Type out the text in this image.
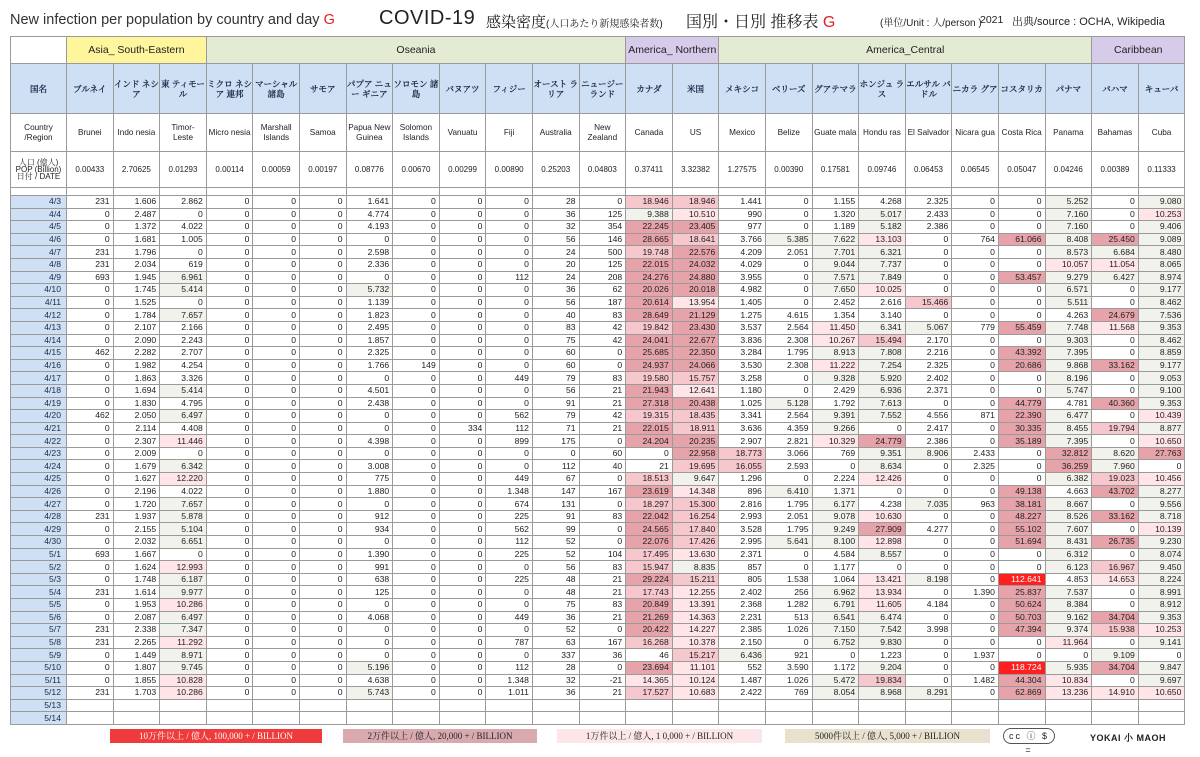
New infection per population by country and day G COVID-19 感染密度(人口あたり新規感染者数) 国別・日別 推移表 G	(単位/Unit : 人/person )
2021 出典/source : OCHA, Wikipedia
	Asia_ South-Eastern			Oseania									America_ Northern		America_Central								Caribbean	
国名	ブルネイ	インド ネシア	東 ティモール	ミクロ ネシア 連邦	マーシャル 諸島	サモア	パプア ニュー ギニア	ソロモン 諸島	バヌアツ	フィジー	オースト ラリア	ニュージー ランド	カナダ	米国	メキシコ	ベリーズ	グアテマラ	ホンジュ ラス	エルサル バドル	ニカラ グア	コスタリカ	パナマ	バハマ	キューバ
Country /Region	Brunei	Indo nesia	Timor- Leste	Micro nesia	Marshall Islands	Samoa	Papua New Guinea	Solomon Islands	Vanuatu	Fiji	Australia	New Zealand	Canada	US	Mexico	Belize	Guate mala	Hondu ras	El Salvador	Nicara gua	Costa Rica	Panama	Bahamas	Cuba
人口 (億人) POP (Billion) 日付 / DATE	0.00433	2.70625	0.01293	0.00114	0.00059	0.00197	0.08776	0.00670	0.00299	0.00890	0.25203	0.04803	0.37411	3.32382	1.27575	0.00390	0.17581	0.09746	0.06453	0.06545	0.05047	0.04246	0.00389	0.11333

4/3	231	1.606	2.862	0	0	0	1.641	0	0	0	28	0	18.946	18.946	1.441	0	1.155	4.268	2.325	0	0	5.252	0	9.080
4/4	0	2.487	0	0	0	0	4.774	0	0	0	36	125	9.388	10.510	990	0	1.320	5.017	2.433	0	0	7.160	0	10.253
4/5	0	1.372	4.022	0	0	0	4.193	0	0	0	32	354	22.245	23.405	977	0	1.189	5.182	2.386	0	0	7.160	0	9.406
4/6	0	1.681	1.005	0	0	0	0	0	0	0	56	146	28.665	18.641	3.766	5.385	7.622	13.103	0	764	61.066	8.408	25.450	9.089
4/7	231	1.796	0	0	0	0	2.598	0	0	0	24	500	19.748	22.576	4.209	2.051	7.701	6.321	0	0	0	8.573	6.684	8.480
4/8	231	2.034	619	0	0	0	2.336	0	0	0	20	125	22.015	24.032	4.029	0	9.044	7.737	0	0	0	10.057	11.054	8.065
4/9	693	1.945	6.961	0	0	0	0	0	0	112	24	208	24.276	24.880	3.955	0	7.571	7.849	0	0	53.457	9.279	6.427	8.974
4/10	0	1.745	5.414	0	0	0	5.732	0	0	0	36	62	20.026	20.018	4.982	0	7.650	10.025	0	0	0	6.571	0	9.177
4/11	0	1.525	0	0	0	0	1.139	0	0	0	56	187	20.614	13.954	1.405	0	2.452	2.616	15.466	0	0	5.511	0	8.462
4/12	0	1.784	7.657	0	0	0	1.823	0	0	0	40	83	28.649	21.129	1.275	4.615	1.354	3.140	0	0	0	4.263	24.679	7.536
4/13	0	2.107	2.166	0	0	0	2.495	0	0	0	83	42	19.842	23.430	3.537	2.564	11.450	6.341	5.067	779	55.459	7.748	11.568	9.353
4/14	0	2.090	2.243	0	0	0	1.857	0	0	0	75	42	24.041	22.677	3.836	2.308	10.267	15.494	2.170	0	0	9.303	0	8.462
4/15	462	2.282	2.707	0	0	0	2.325	0	0	0	60	0	25.685	22.350	3.284	1.795	8.913	7.808	2.216	0	43.392	7.395	0	8.859
4/16	0	1.982	4.254	0	0	0	1.766	149	0	0	60	0	24.937	24.066	3.530	2.308	11.222	7.254	2.325	0	20.686	9.868	33.162	9.177
4/17	0	1.863	3.326	0	0	0	0	0	0	449	79	83	19.580	15.757	3.258	0	9.328	5.920	2.402	0	0	8.196	0	9.053
4/18	0	1.694	5.414	0	0	0	4.501	0	0	0	56	21	21.943	12.641	1.180	0	2.429	6.936	2.371	0	0	5.747	0	9.100
4/19	0	1.830	4.795	0	0	0	2.438	0	0	0	91	21	27.318	20.438	1.025	5.128	1.792	7.613	0	0	44.779	4.781	40.360	9.353
4/20	462	2.050	6.497	0	0	0	0	0	0	562	79	42	19.315	18.435	3.341	2.564	9.391	7.552	4.556	871	22.390	6.477	0	10.439
4/21	0	2.114	4.408	0	0	0	0	0	334	112	71	21	22.015	18.911	3.636	4.359	9.266	0	2.417	0	30.335	8.455	19.794	8.877
4/22	0	2.307	11.446	0	0	0	4.398	0	0	899	175	0	24.204	20.235	2.907	2.821	10.329	24.779	2.386	0	35.189	7.395	0	10.650
4/23	0	2.009	0	0	0	0	0	0	0	0	0	60	0	22.958	18.773	3.066	769	9.351	8.906	2.433	0	32.812	8.620	27.763
4/24	0	1.679	6.342	0	0	0	3.008	0	0	0	112	40	21	19.695	16.055	2.593	0	8.634	0	2.325	0	36.259	7.960	0
4/25	0	1.627	12.220	0	0	0	775	0	0	449	67	0	18.513	9.647	1.296	0	2.224	12.426	0	0	0	6.382	19.023	10.456
4/26	0	2.196	4.022	0	0	0	1.880	0	0	1.348	147	167	23.619	14.348	896	6.410	1.371	0	0	0	49.138	4.663	43.702	8.277
4/27	0	1.720	7.657	0	0	0	0	0	0	674	131	0	18.297	15.300	2.816	1.795	6.177	4.238	7.035	963	38.181	8.667	0	9.556
4/28	231	1.937	5.878	0	0	0	912	0	0	225	91	83	22.042	16.254	2.993	2.051	9.078	10.630	0	0	48.227	8.526	33.162	8.718
4/29	0	2.155	5.104	0	0	0	934	0	0	562	99	0	24.565	17.840	3.528	1.795	9.249	27.909	4.277	0	55.102	7.607	0	10.139
4/30	0	2.032	6.651	0	0	0	0	0	0	112	52	0	22.076	17.426	2.995	5.641	8.100	12.898	0	0	51.694	8.431	26.735	9.230
5/1	693	1.667	0	0	0	0	1.390	0	0	225	52	104	17.495	13.630	2.371	0	4.584	8.557	0	0	0	6.312	0	8.074
5/2	0	1.624	12.993	0	0	0	991	0	0	0	56	83	15.947	8.835	857	0	1.177	0	0	0	0	6.123	16.967	9.450
5/3	0	1.748	6.187	0	0	0	638	0	0	225	48	21	29.224	15.211	805	1.538	1.064	13.421	8.198	0	112.641	4.853	14.653	8.224
5/4	231	1.614	9.977	0	0	0	125	0	0	0	48	21	17.743	12.255	2.402	256	6.962	13.934	0	1.390	25.837	7.537	0	8.991
5/5	0	1.953	10.286	0	0	0	0	0	0	0	75	83	20.849	13.391	2.368	1.282	6.791	11.605	4.184	0	50.624	8.384	0	8.912
5/6	0	2.087	6.497	0	0	0	4.068	0	0	449	36	21	21.269	14.363	2.231	513	6.541	6.474	0	0	50.703	9.162	34.704	9.353
5/7	231	2.338	7.347	0	0	0	0	0	0	0	52	0	20.422	14.227	2.385	1.026	7.150	7.542	3.998	0	47.394	9.374	15.938	10.253
5/8	231	2.265	11.292	0	0	0	0	0	0	787	63	167	16.268	10.378	2.150	0	6.752	9.830	0	0	0	11.964	0	9.141
5/9	0	1.449	8.971	0	0	0	0	0	0	0	337	36	46	15.217	6.436	921	0	1.223	0	1.937	0	0	9.109	0
5/10	0	1.807	9.745	0	0	0	5.196	0	0	112	28	0	23.694	11.101	552	3.590	1.172	9.204	0	0	118.724	5.935	34.704	9.847
5/11	0	1.855	10.828	0	0	0	4.638	0	0	1.348	32	-21	14.365	10.124	1.487	1.026	5.472	19.834	0	1.482	44.304	10.834	0	9.697
5/12	231	1.703	10.286	0	0	0	5.743	0	0	1.011	36	21	17.527	10.683	2.422	769	8.054	8.968	8.291	0	62.869	13.236	14.910	10.650
5/13																								
5/14																								
10万件以上 / 億人, 100,000 + / BILLION	2万件以上 / 億人, 20,000 + / BILLION	1万件以上 / 億人, 1 0,000 + / BILLION	5000件以上 / 億人, 5,000 + / BILLION	cc ⓘ $ =
YOKAI 小 MAOH
